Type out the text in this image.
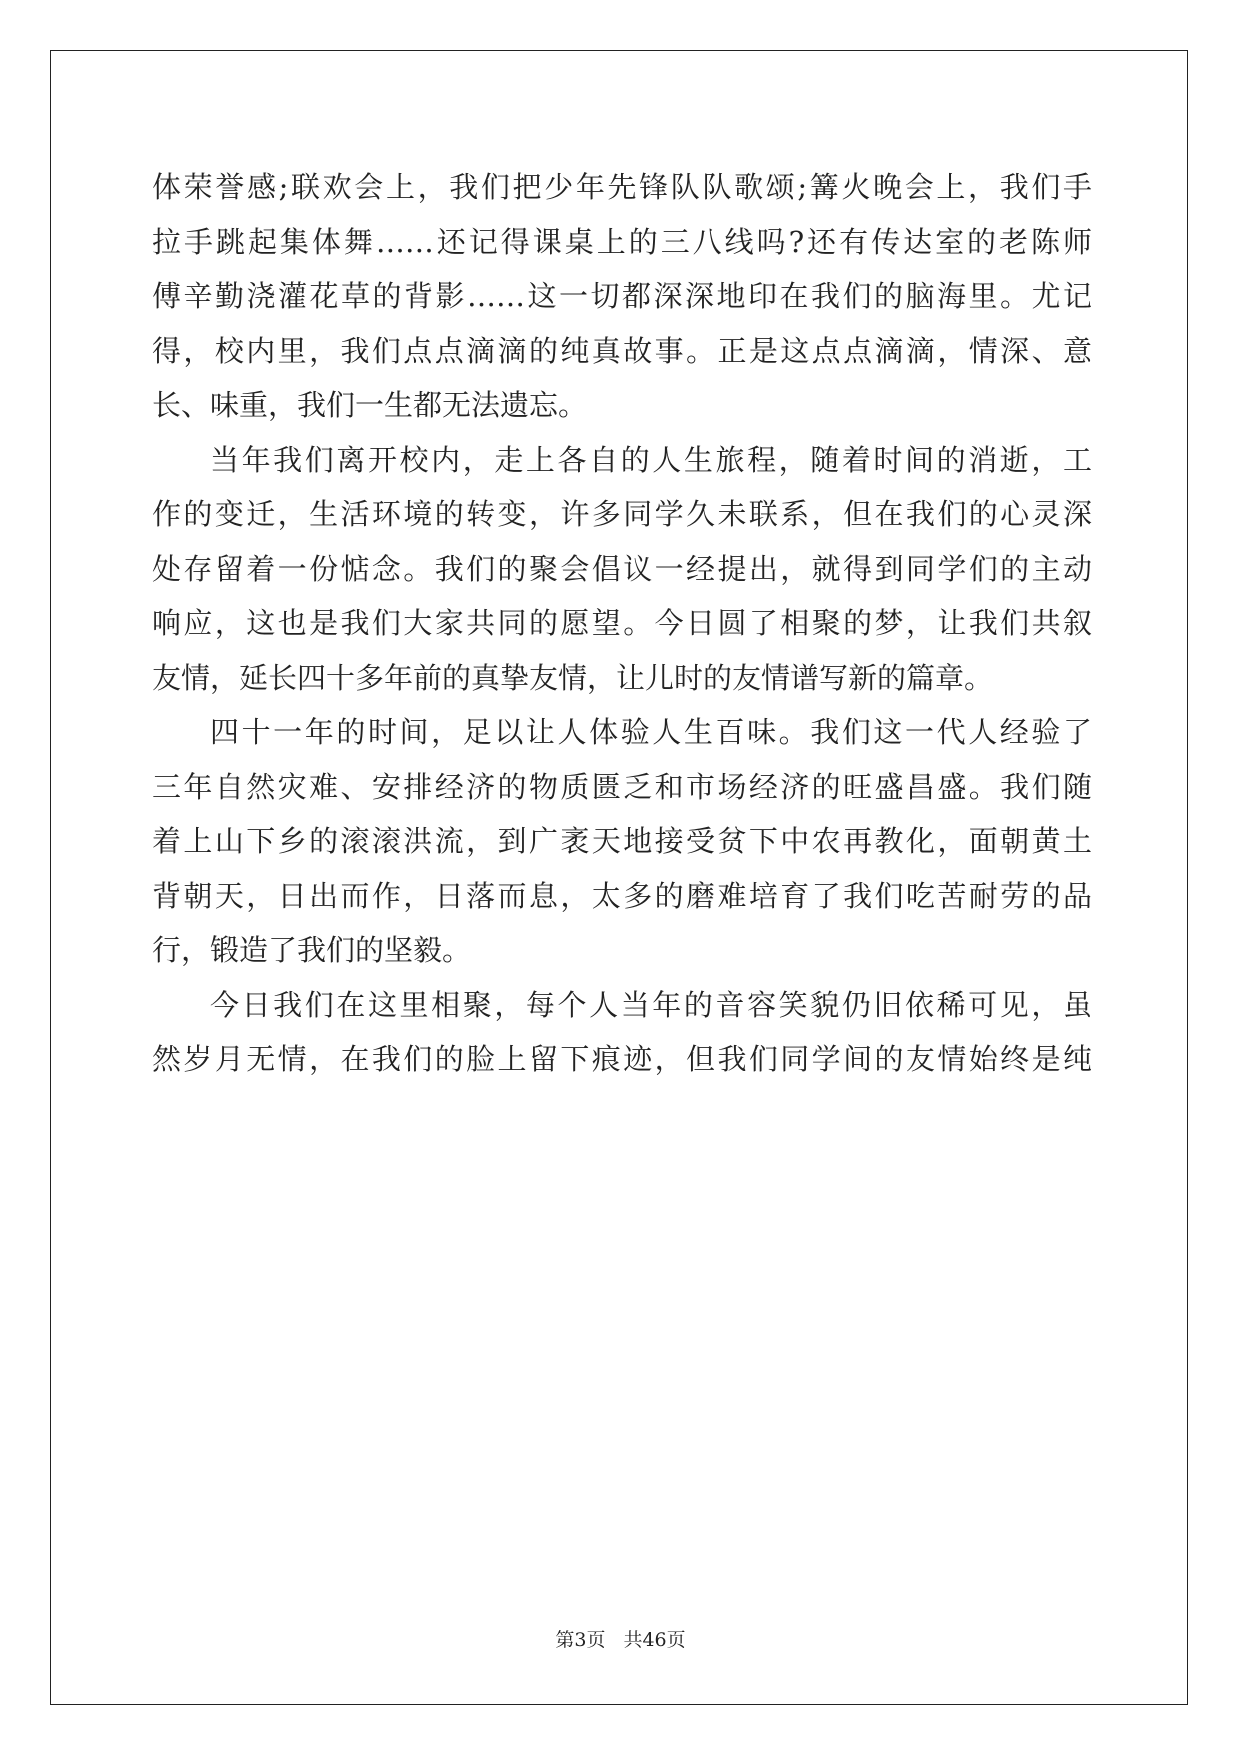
体荣誉感;联欢会上，我们把少年先锋队队歌颂;篝火晚会上，我们手
拉手跳起集体舞……还记得课桌上的三八线吗?还有传达室的老陈师
傅辛勤浇灌花草的背影……这一切都深深地印在我们的脑海里。尤记
得，校内里，我们点点滴滴的纯真故事。正是这点点滴滴，情深、意
长、味重，我们一生都无法遗忘。
当年我们离开校内，走上各自的人生旅程，随着时间的消逝，工
作的变迁，生活环境的转变，许多同学久未联系，但在我们的心灵深
处存留着一份惦念。我们的聚会倡议一经提出，就得到同学们的主动
响应，这也是我们大家共同的愿望。今日圆了相聚的梦，让我们共叙
友情，延长四十多年前的真挚友情，让儿时的友情谱写新的篇章。
四十一年的时间，足以让人体验人生百味。我们这一代人经验了
三年自然灾难、安排经济的物质匮乏和市场经济的旺盛昌盛。我们随
着上山下乡的滚滚洪流，到广袤天地接受贫下中农再教化，面朝黄土
背朝天，日出而作，日落而息，太多的磨难培育了我们吃苦耐劳的品
行，锻造了我们的坚毅。
今日我们在这里相聚，每个人当年的音容笑貌仍旧依稀可见，虽
然岁月无情，在我们的脸上留下痕迹，但我们同学间的友情始终是纯
第3页 共46页
